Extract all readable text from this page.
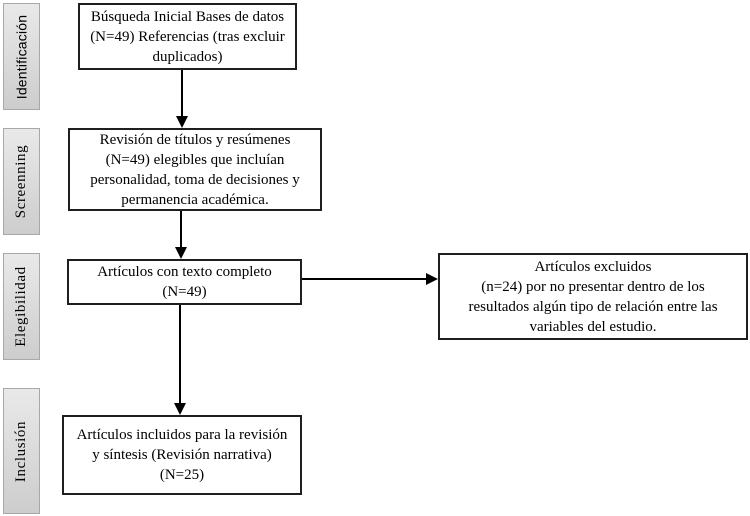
Identificación
Screenning
Elegibilidad
Inclusión
Búsqueda Inicial Bases de datos
(N=49) Referencias (tras excluir
duplicados)
Revisión de títulos y resúmenes
(N=49) elegibles que incluían
personalidad, toma de decisiones y
permanencia académica.
Artículos con texto completo
(N=49)
Artículos excluidos
(n=24) por no presentar dentro de los
resultados algún tipo de relación entre las
variables del estudio.
Artículos incluidos para la revisión
y síntesis (Revisión narrativa)
(N=25)
